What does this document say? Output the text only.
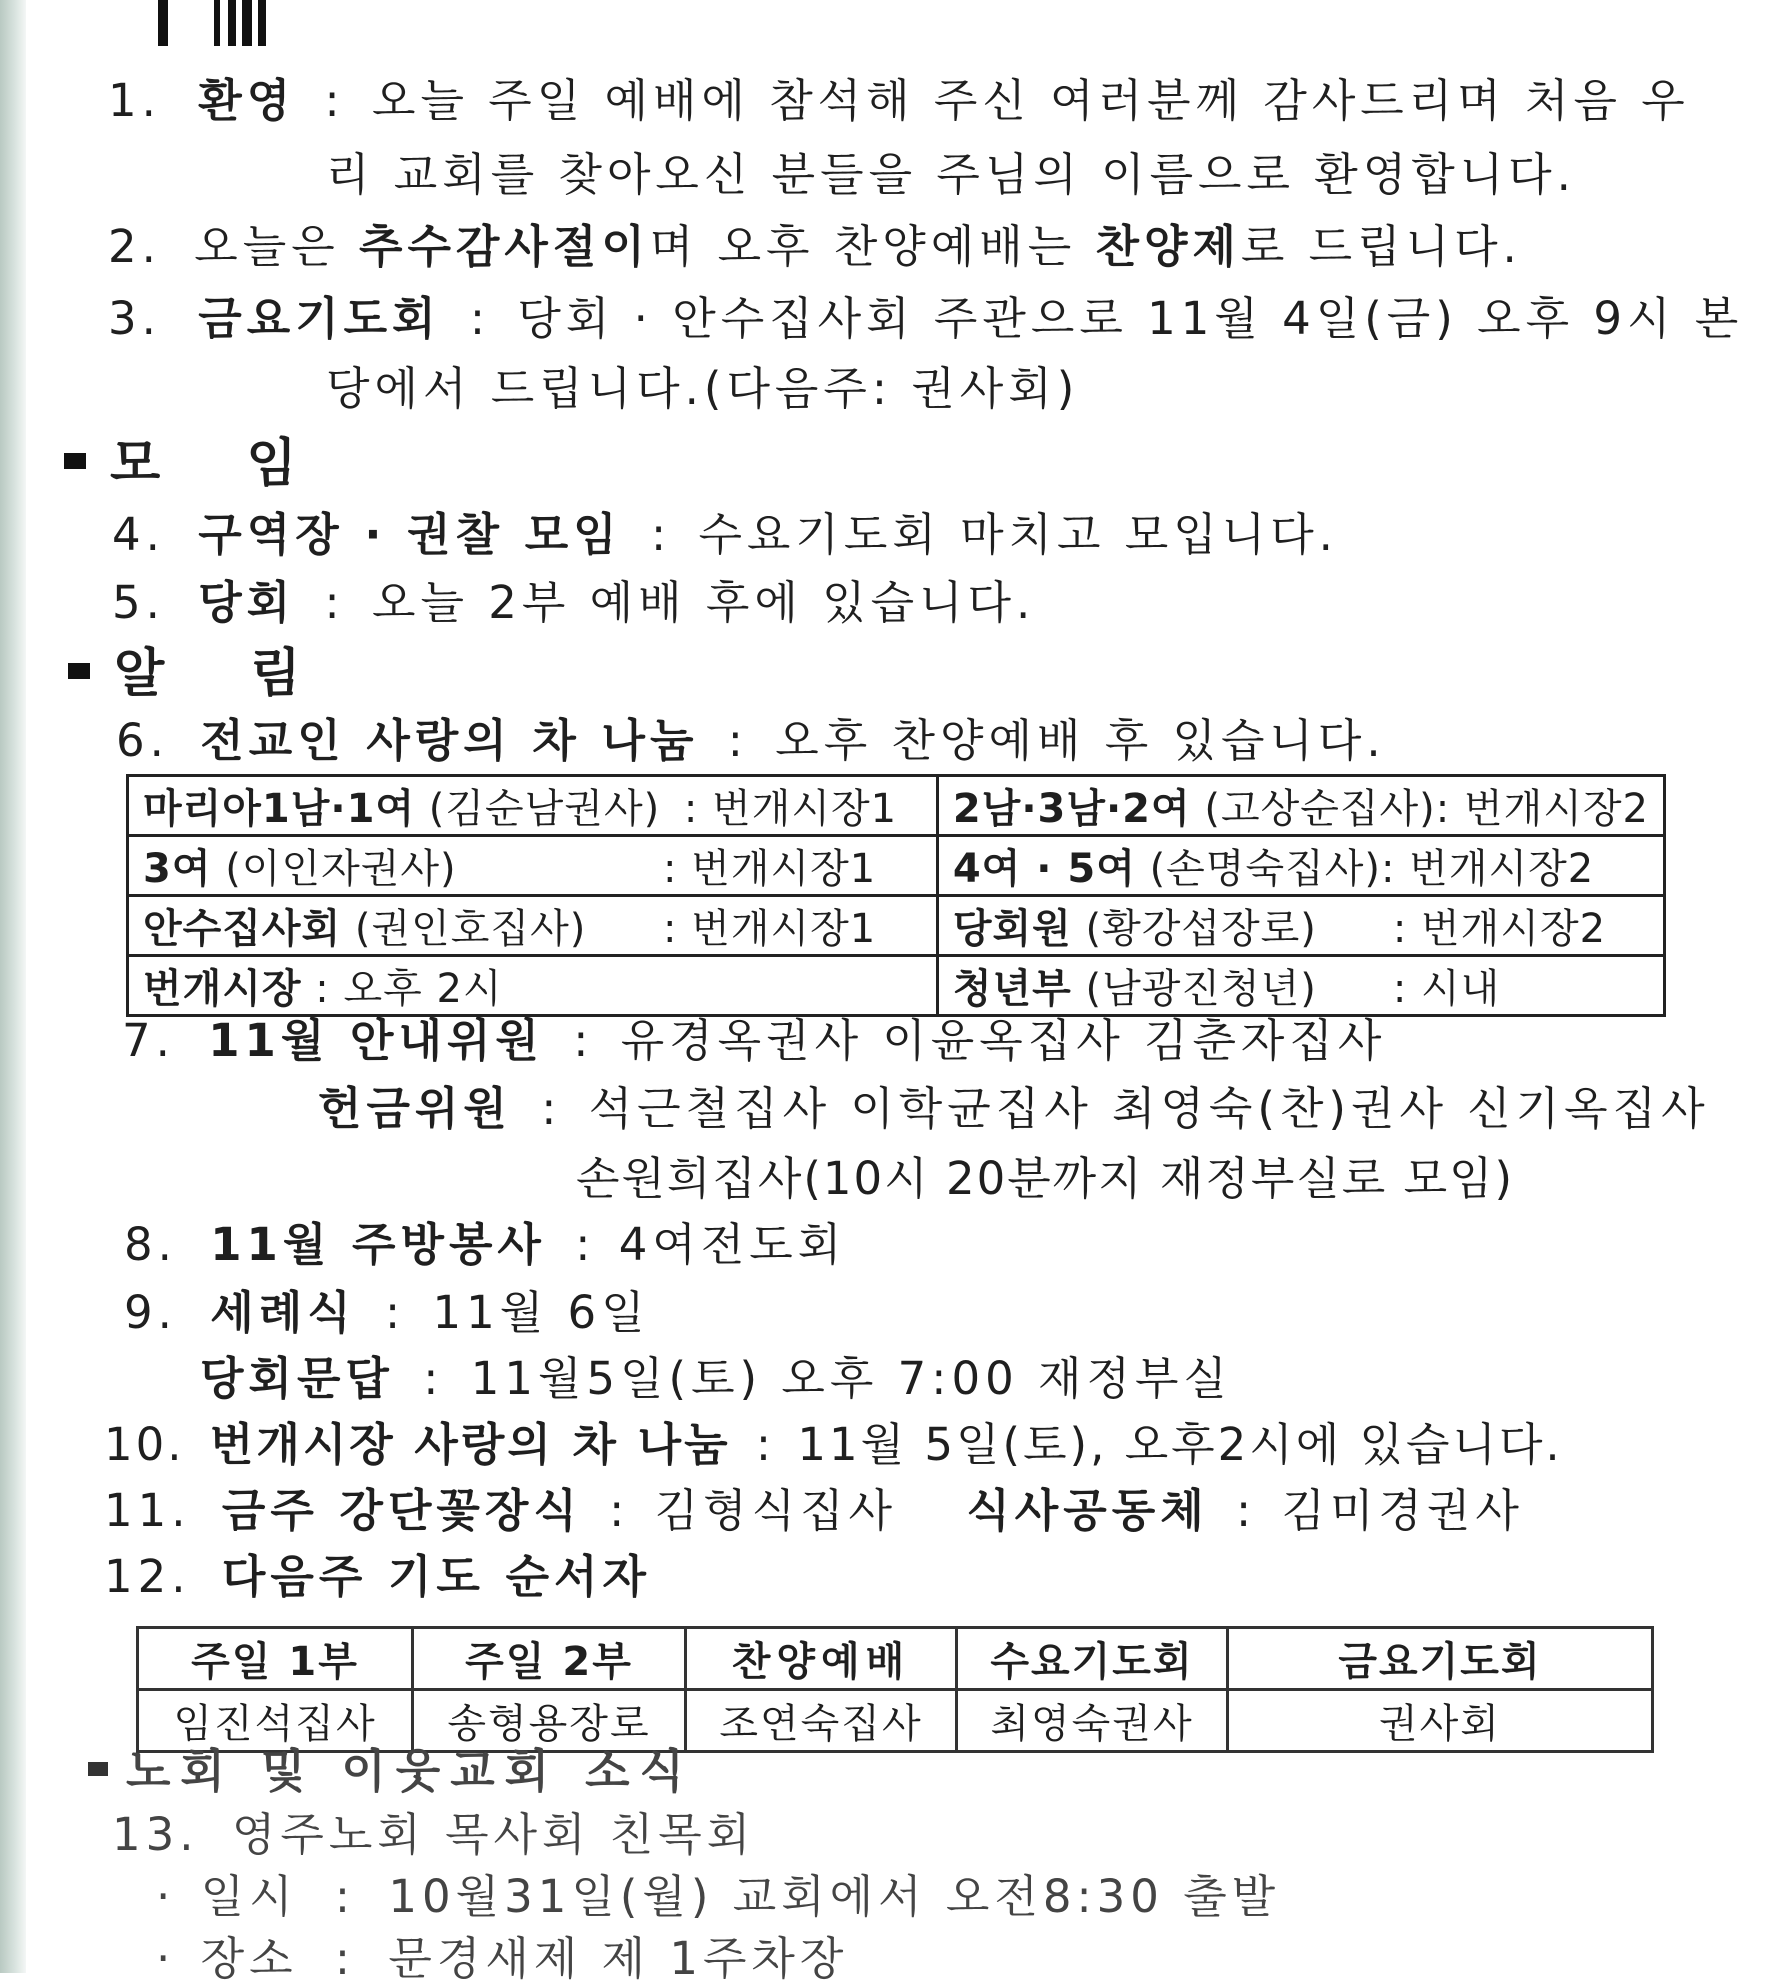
1. 환영 : 오늘 주일 예배에 참석해 주신 여러분께 감사드리며 처음 우
리 교회를 찾아오신 분들을 주님의 이름으로 환영합니다.
2. 오늘은 추수감사절이며 오후 찬양예배는 찬양제로 드립니다.
3. 금요기도회 : 당회 · 안수집사회 주관으로 11월 4일(금) 오후 9시 본
당에서 드립니다.(다음주: 권사회)
모 임
4. 구역장 · 권찰 모임 : 수요기도회 마치고 모입니다.
5. 당회 : 오늘 2부 예배 후에 있습니다.
알 림
6. 전교인 사랑의 차 나눔 : 오후 찬양예배 후 있습니다.
마리아1남·1여 (김순남권사) : 번개시장1	2남·3남·2여 (고상순집사): 번개시장2
3여 (이인자권사) : 번개시장1	4여 · 5여 (손명숙집사): 번개시장2
안수집사회 (권인호집사) : 번개시장1	당회원 (황강섭장로) : 번개시장2
번개시장 : 오후 2시	청년부 (남광진청년) : 시내
7. 11월 안내위원 : 유경옥권사 이윤옥집사 김춘자집사
헌금위원 : 석근철집사 이학균집사 최영숙(찬)권사 신기옥집사
손원희집사(10시 20분까지 재정부실로 모임)
8. 11월 주방봉사 : 4여전도회
9. 세례식 : 11월 6일
당회문답 : 11월5일(토) 오후 7:00 재정부실
10. 번개시장 사랑의 차 나눔 : 11월 5일(토), 오후2시에 있습니다.
11. 금주 강단꽃장식 : 김형식집사 식사공동체 : 김미경권사
12. 다음주 기도 순서자
주일 1부	주일 2부	찬양예배	수요기도회	금요기도회
임진석집사	송형용장로	조연숙집사	최영숙권사	권사회
노회 및 이웃교회 소식
13. 영주노회 목사회 친목회
· 일시 : 10월31일(월) 교회에서 오전8:30 출발
· 장소 : 문경새제 제 1주차장
